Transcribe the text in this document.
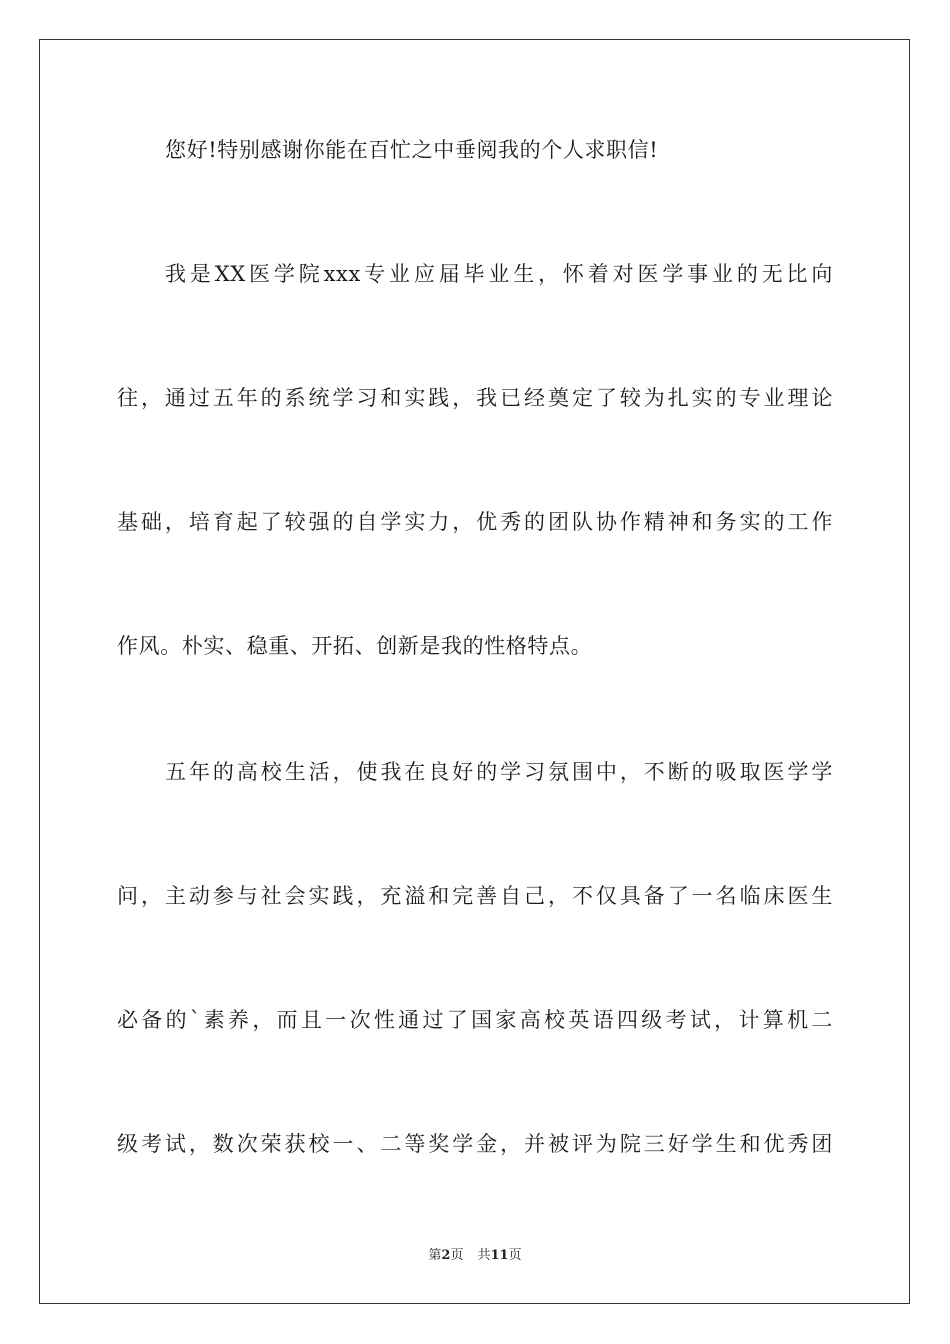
您好!特别感谢你能在百忙之中垂阅我的个人求职信!
我是XX医学院xxx专业应届毕业生，怀着对医学事业的无比向
往，通过五年的系统学习和实践，我已经奠定了较为扎实的专业理论
基础，培育起了较强的自学实力，优秀的团队协作精神和务实的工作
作风。朴实、稳重、开拓、创新是我的性格特点。
五年的高校生活，使我在良好的学习氛围中，不断的吸取医学学
问，主动参与社会实践，充溢和完善自己，不仅具备了一名临床医生
必备的`素养，而且一次性通过了国家高校英语四级考试，计算机二
级考试，数次荣获校一、二等奖学金，并被评为院三好学生和优秀团
第2页 共11页
